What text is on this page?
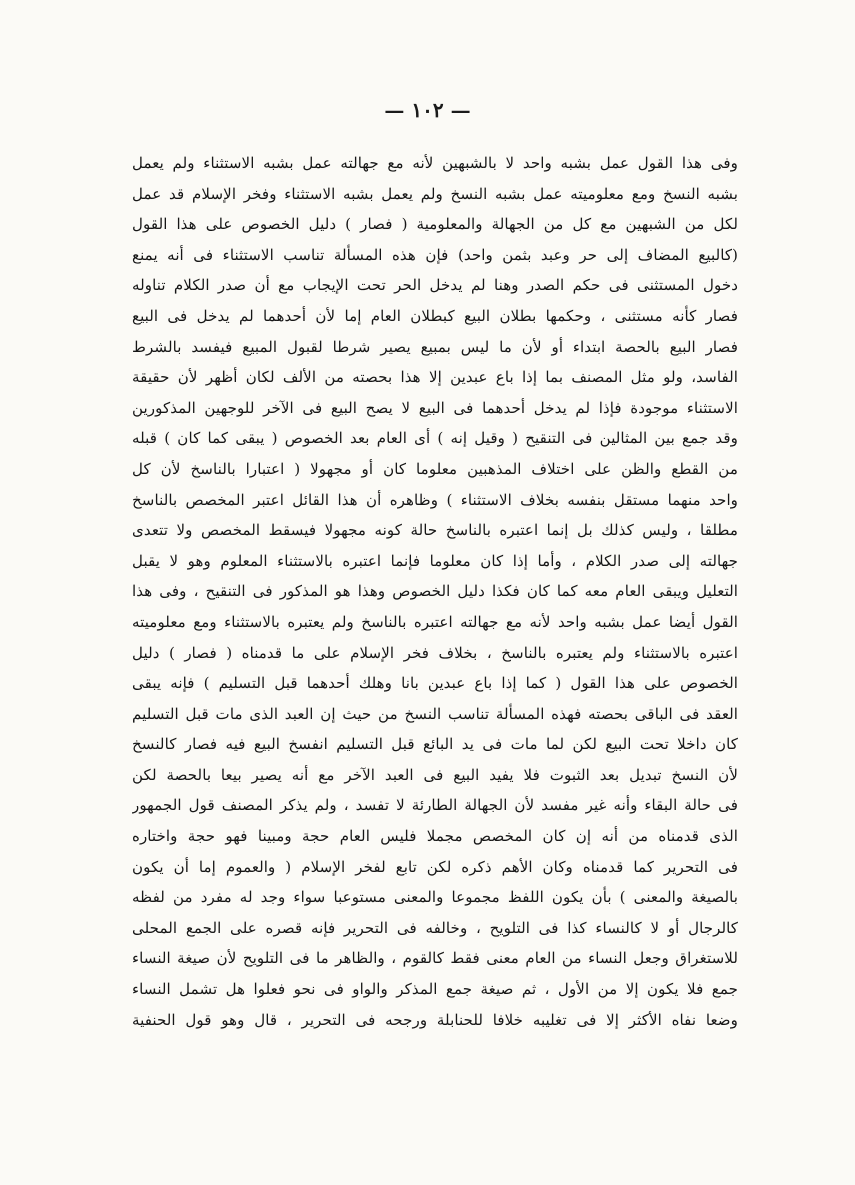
— ١٠٢ —
وفى هذا القول عمل بشبه واحد لا بالشبهين لأنه مع جهالته عمل بشبه الاستثناء ولم يعمل
بشبه النسخ ومع معلوميته عمل بشبه النسخ ولم يعمل بشبه الاستثناء وفخر الإسلام قد عمل
لكل من الشبهين مع كل من الجهالة والمعلومية ( فصار ) دليل الخصوص على هذا القول
(كالبيع المضاف إلى حر وعبد بثمن واحد) فإن هذه المسألة تناسب الاستثناء فى أنه يمنع
دخول المستثنى فى حكم الصدر وهنا لم يدخل الحر تحت الإيجاب مع أن صدر الكلام تناوله
فصار كأنه مستثنى ، وحكمها بطلان البيع كبطلان العام إما لأن أحدهما لم يدخل فى البيع
فصار البيع بالحصة ابتداء أو لأن ما ليس بمبيع يصير شرطا لقبول المبيع فيفسد بالشرط
الفاسد، ولو مثل المصنف بما إذا باع عبدين إلا هذا بحصته من الألف لكان أظهر لأن حقيقة
الاستثناء موجودة فإذا لم يدخل أحدهما فى البيع لا يصح البيع فى الآخر للوجهين المذكورين
وقد جمع بين المثالين فى التنقيح ( وقيل إنه ) أى العام بعد الخصوص ( يبقى كما كان ) قبله
من القطع والظن على اختلاف المذهبين معلوما كان أو مجهولا ( اعتبارا بالناسخ لأن كل
واحد منهما مستقل بنفسه بخلاف الاستثناء ) وظاهره أن هذا القائل اعتبر المخصص بالناسخ
مطلقا ، وليس كذلك بل إنما اعتبره بالناسخ حالة كونه مجهولا فيسقط المخصص ولا تتعدى
جهالته إلى صدر الكلام ، وأما إذا كان معلوما فإنما اعتبره بالاستثناء المعلوم وهو لا يقبل
التعليل ويبقى العام معه كما كان فكذا دليل الخصوص وهذا هو المذكور فى التنقيح ، وفى هذا
القول أيضا عمل بشبه واحد لأنه مع جهالته اعتبره بالناسخ ولم يعتبره بالاستثناء ومع معلوميته
اعتبره بالاستثناء ولم يعتبره بالناسخ ، بخلاف فخر الإسلام على ما قدمناه ( فصار ) دليل
الخصوص على هذا القول ( كما إذا باع عبدين بانا وهلك أحدهما قبل التسليم ) فإنه يبقى
العقد فى الباقى بحصته فهذه المسألة تناسب النسخ من حيث إن العبد الذى مات قبل التسليم
كان داخلا تحت البيع لكن لما مات فى يد البائع قبل التسليم انفسخ البيع فيه فصار كالنسخ
لأن النسخ تبديل بعد الثبوت فلا يفيد البيع فى العبد الآخر مع أنه يصير بيعا بالحصة لكن
فى حالة البقاء وأنه غير مفسد لأن الجهالة الطارئة لا تفسد ، ولم يذكر المصنف قول الجمهور
الذى قدمناه من أنه إن كان المخصص مجملا فليس العام حجة ومبينا فهو حجة واختاره
فى التحرير كما قدمناه وكان الأهم ذكره لكن تابع لفخر الإسلام ( والعموم إما أن يكون
بالصيغة والمعنى ) بأن يكون اللفظ مجموعا والمعنى مستوعبا سواء وجد له مفرد من لفظه
كالرجال أو لا كالنساء كذا فى التلويح ، وخالفه فى التحرير فإنه قصره على الجمع المحلى
للاستغراق وجعل النساء من العام معنى فقط كالقوم ، والظاهر ما فى التلويح لأن صيغة النساء
جمع فلا يكون إلا من الأول ، ثم صيغة جمع المذكر والواو فى نحو فعلوا هل تشمل النساء
وضعا نفاه الأكثر إلا فى تغليبه خلافا للحنابلة ورجحه فى التحرير ، قال وهو قول الحنفية
